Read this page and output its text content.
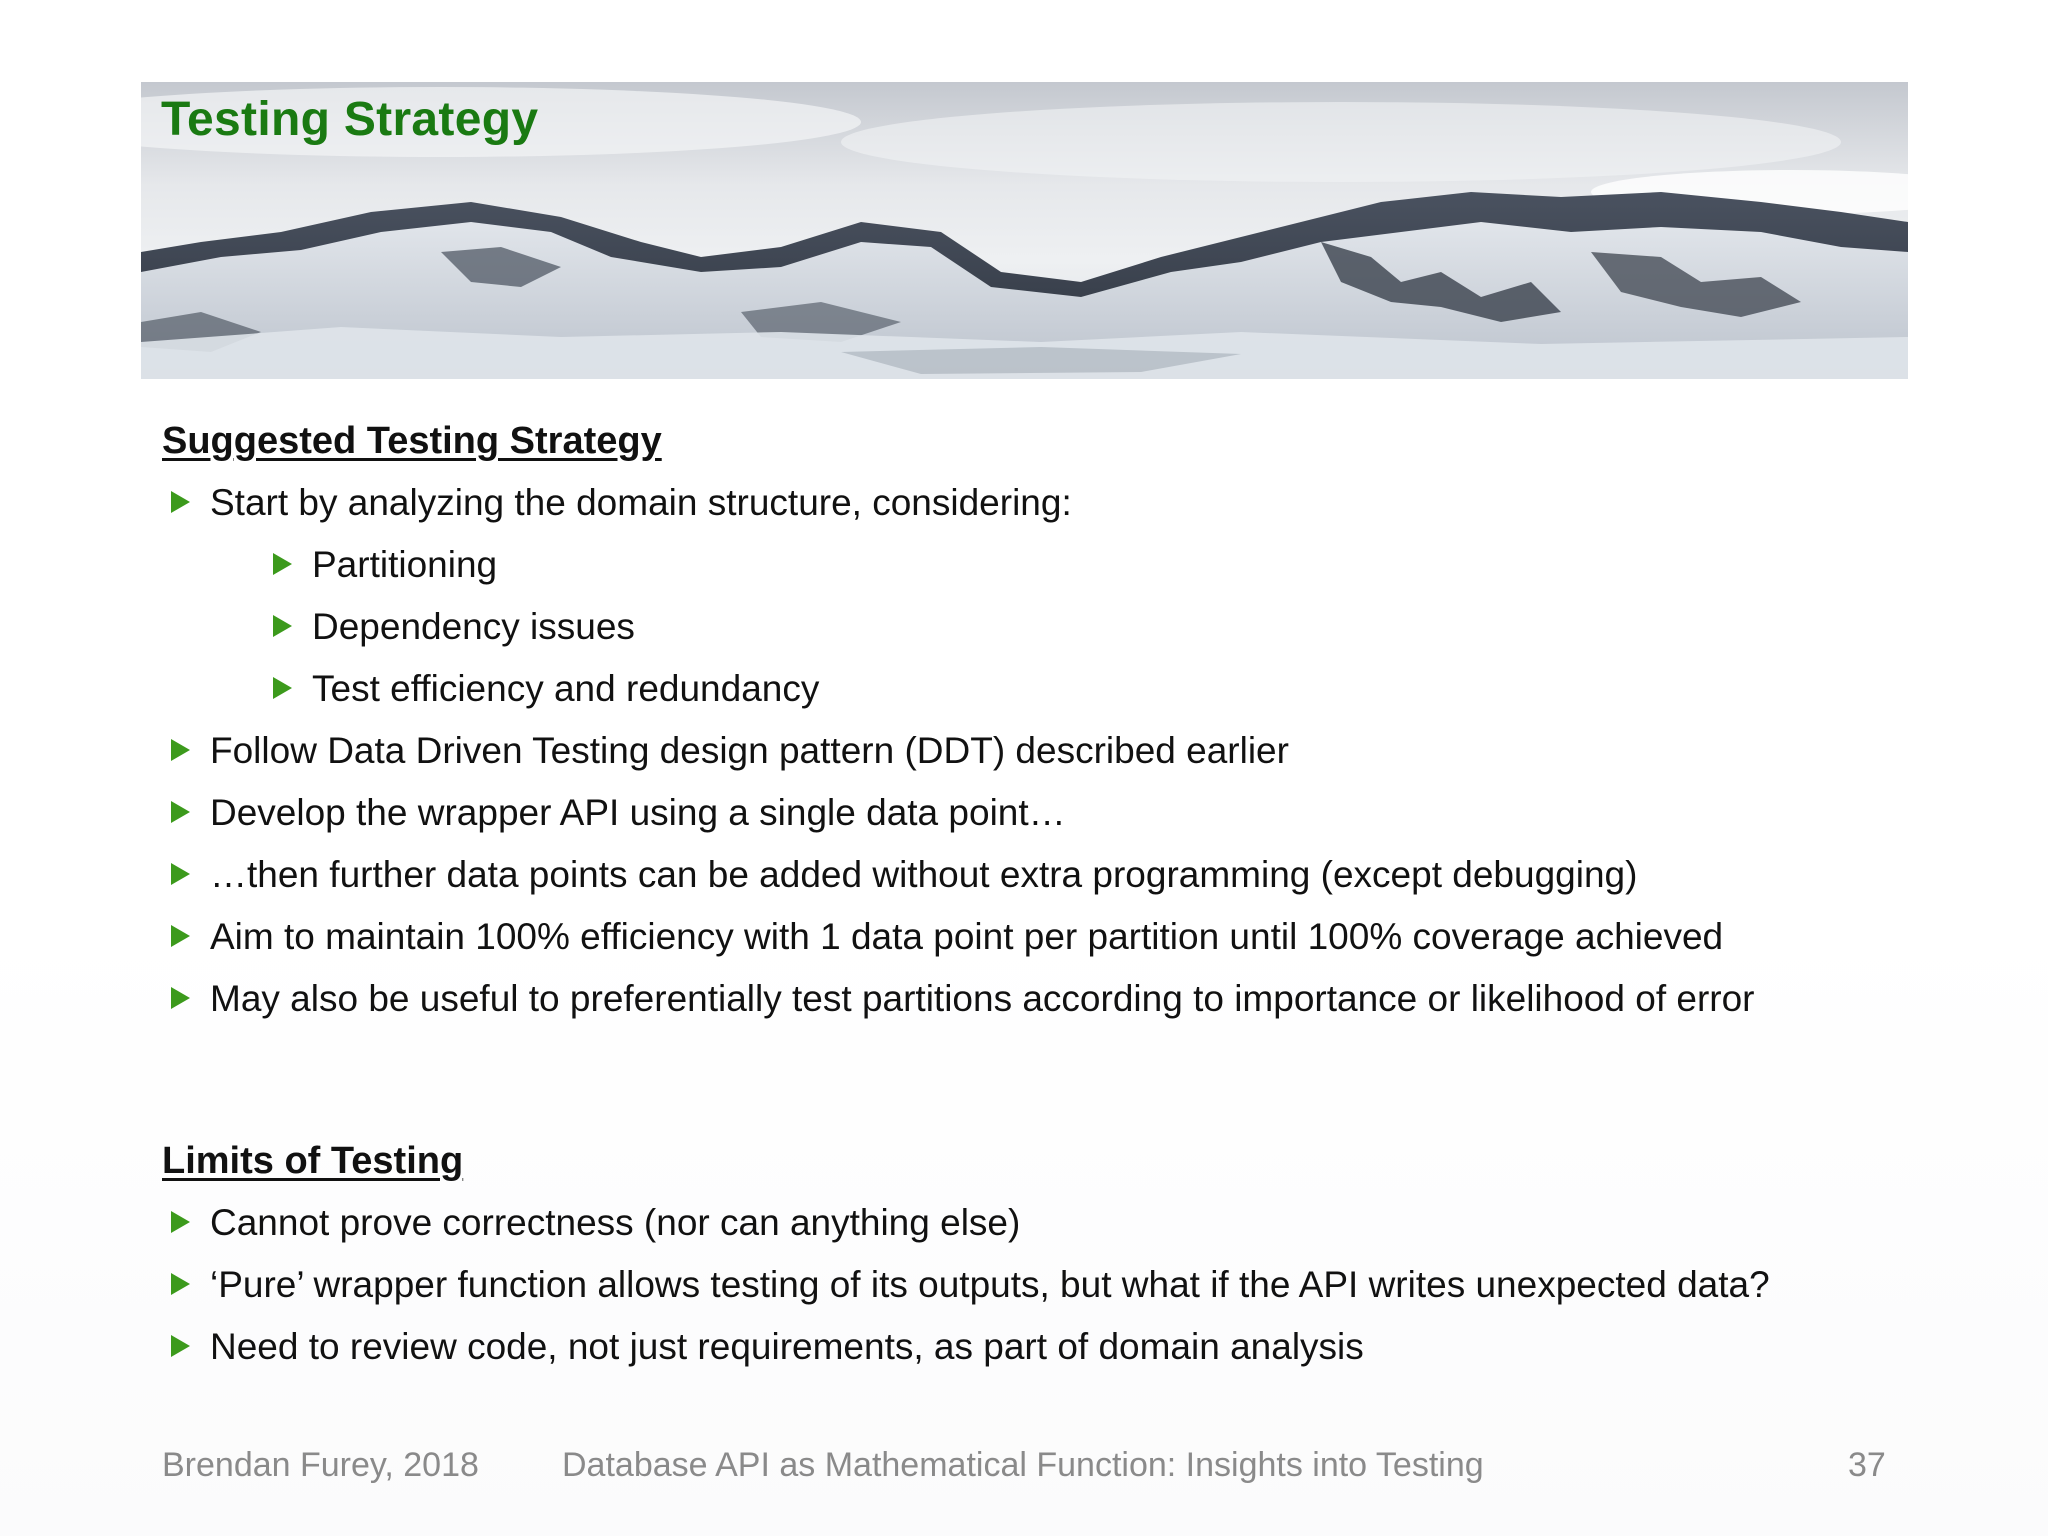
Testing Strategy
Suggested Testing Strategy
Start by analyzing the domain structure, considering:
Partitioning
Dependency issues
Test efficiency and redundancy
Follow Data Driven Testing design pattern (DDT) described earlier
Develop the wrapper API using a single data point…
…then further data points can be added without extra programming (except debugging)
Aim to maintain 100% efficiency with 1 data point per partition until 100% coverage achieved
May also be useful to preferentially test partitions according to importance or likelihood of error
Limits of Testing
Cannot prove correctness (nor can anything else)
‘Pure’ wrapper function allows testing of its outputs, but what if the API writes unexpected data?
Need to review code, not just requirements, as part of domain analysis
Brendan Furey, 2018 Database API as Mathematical Function: Insights into Testing	37
